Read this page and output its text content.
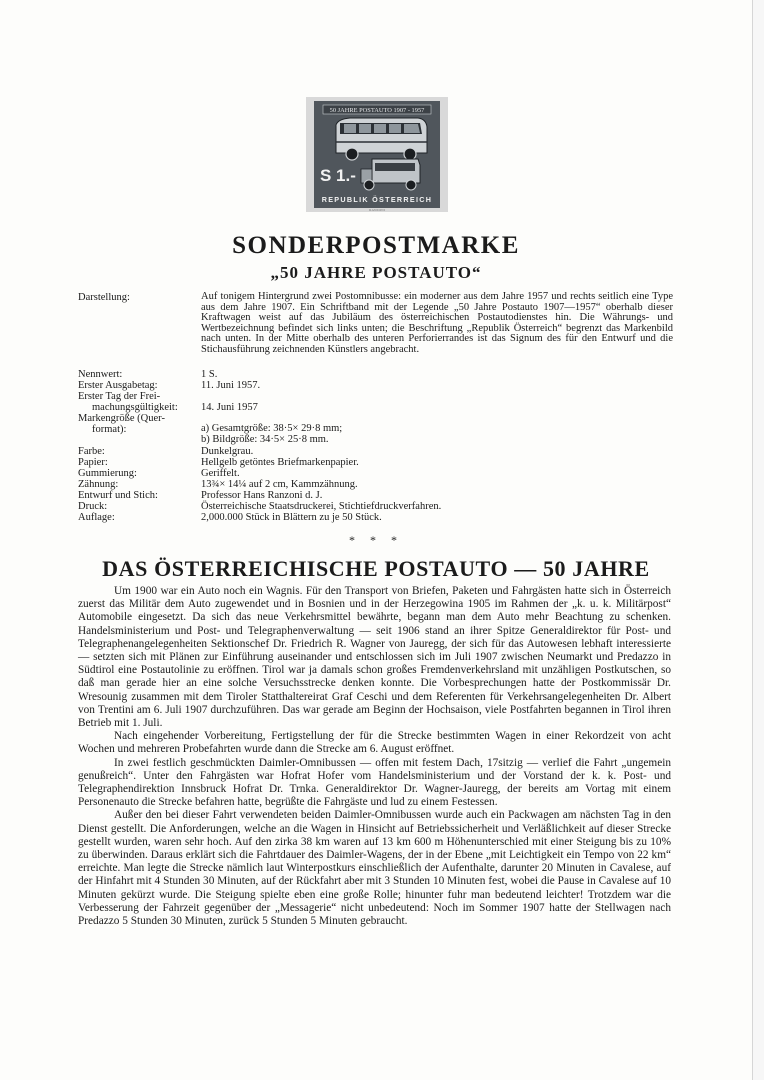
50 JAHRE POSTAUTO 1907 - 1957
S 1.-
REPUBLIK ÖSTERREICH
RANZONI
SONDERPOSTMARKE
„50 JAHRE POSTAUTO“
Darstellung:	Auf tonigem Hintergrund zwei Postomnibusse: ein moderner aus dem Jahre 1957 und rechts seitlich eine Type aus dem Jahre 1907. Ein Schriftband mit der Legende „50 Jahre Postauto 1907—1957“ oberhalb dieser Kraftwagen weist auf das Jubiläum des österreichischen Postautodienstes hin. Die Währungs- und Wertbezeichnung befindet sich links unten; die Beschriftung „Republik Österreich“ begrenzt das Markenbild nach unten. In der Mitte oberhalb des unteren Perforierrandes ist das Signum des für den Entwurf und die Stichausführung zeichnenden Künstlers angebracht.
Nennwert:	1 S.
Erster Ausgabetag:	11. Juni 1957.
Erster Tag der Frei-
machungsgültigkeit: 14. Juni 1957
Markengröße (Quer-
format):	a) Gesamtgröße: 38·5× 29·8 mm;
b) Bildgröße: 34·5× 25·8 mm.
Farbe:	Dunkelgrau.
Papier:	Hellgelb getöntes Briefmarkenpapier.
Gummierung:	Geriffelt.
Zähnung:	13¾× 14¼ auf 2 cm, Kammzähnung.
Entwurf und Stich:	Professor Hans Ranzoni d. J.
Druck:	Österreichische Staatsdruckerei, Stichtiefdruckverfahren.
Auflage:	2,000.000 Stück in Blättern zu je 50 Stück.
* * *
DAS ÖSTERREICHISCHE POSTAUTO — 50 JAHRE

Um 1900 war ein Auto noch ein Wagnis. Für den Transport von Briefen, Paketen und Fahrgästen hatte sich in Österreich zuerst das Militär dem Auto zugewendet und in Bosnien und in der Herzegowina 1905 im Rahmen der „k. u. k. Militärpost“ Automobile eingesetzt. Da sich das neue Verkehrsmittel bewährte, begann man dem Auto mehr Beachtung zu schenken. Handelsministerium und Post- und Telegraphenverwaltung — seit 1906 stand an ihrer Spitze Generaldirektor für Post- und Telegraphenangelegenheiten Sektionschef Dr. Friedrich R. Wagner von Jauregg, der sich für das Autowesen lebhaft interessierte — setzten sich mit Plänen zur Einführung auseinander und entschlossen sich im Juli 1907 zwischen Neumarkt und Predazzo in Südtirol eine Postautolinie zu eröffnen. Tirol war ja damals schon großes Fremdenverkehrsland mit unzähligen Postkutschen, so daß man gerade hier an eine solche Versuchsstrecke denken konnte. Die Vorbesprechungen hatte der Postkommissär Dr. Wresounig zusammen mit dem Tiroler Statthaltereirat Graf Ceschi und dem Referenten für Verkehrsangelegenheiten Dr. Albert von Trentini am 6. Juli 1907 durchzuführen. Das war gerade am Beginn der Hochsaison, viele Postfahrten begannen in Tirol ihren Betrieb mit 1. Juli.

Nach eingehender Vorbereitung, Fertigstellung der für die Strecke bestimmten Wagen in einer Rekordzeit von acht Wochen und mehreren Probefahrten wurde dann die Strecke am 6. August eröffnet.

In zwei festlich geschmückten Daimler-Omnibussen — offen mit festem Dach, 17sitzig — verlief die Fahrt „ungemein genußreich“. Unter den Fahrgästen war Hofrat Hofer vom Handelsministerium und der Vorstand der k. k. Post- und Telegraphendirektion Innsbruck Hofrat Dr. Trnka. Generaldirektor Dr. Wagner-Jauregg, der bereits am Vortag mit einem Personenauto die Strecke befahren hatte, begrüßte die Fahrgäste und lud zu einem Festessen.

Außer den bei dieser Fahrt verwendeten beiden Daimler-Omnibussen wurde auch ein Packwagen am nächsten Tag in den Dienst gestellt. Die Anforderungen, welche an die Wagen in Hinsicht auf Betriebssicherheit und Verläßlichkeit auf dieser Strecke gestellt wurden, waren sehr hoch. Auf den zirka 38 km waren auf 13 km 600 m Höhenunterschied mit einer Steigung bis zu 10% zu überwinden. Daraus erklärt sich die Fahrtdauer des Daimler-Wagens, der in der Ebene „mit Leichtigkeit ein Tempo von 22 km“ erreichte. Man legte die Strecke nämlich laut Winterpostkurs einschließlich der Aufenthalte, darunter 20 Minuten in Cavalese, auf der Hinfahrt mit 4 Stunden 30 Minuten, auf der Rückfahrt aber mit 3 Stunden 10 Minuten fest, wobei die Pause in Cavalese auf 10 Minuten gekürzt wurde. Die Steigung spielte eben eine große Rolle; hinunter fuhr man bedeutend leichter! Trotzdem war die Verbesserung der Fahrzeit gegenüber der „Messagerie“ nicht unbedeutend: Noch im Sommer 1907 hatte der Stellwagen nach Predazzo 5 Stunden 30 Minuten, zurück 5 Stunden 5 Minuten gebraucht.
